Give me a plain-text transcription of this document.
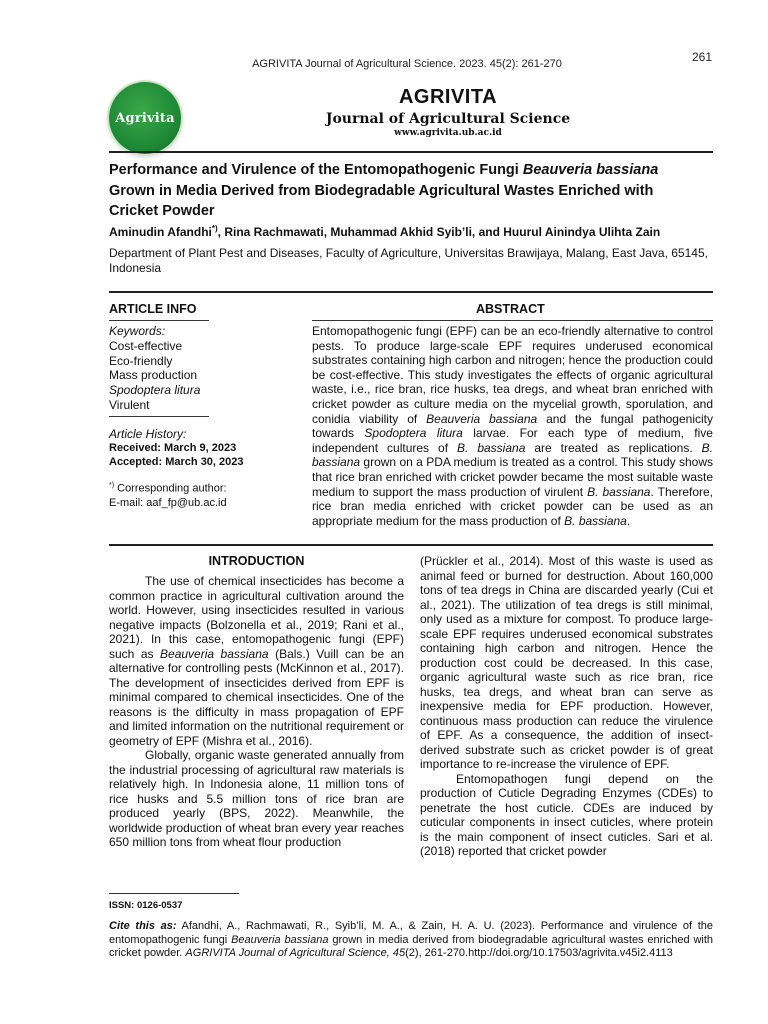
AGRIVITA Journal of Agricultural Science. 2023. 45(2): 261-270	261
Agrivita
AGRIVITA
Journal of Agricultural Science
www.agrivita.ub.ac.id
Performance and Virulence of the Entomopathogenic Fungi Beauveria bassiana Grown in Media Derived from Biodegradable Agricultural Wastes Enriched with Cricket Powder
Aminudin Afandhi*), Rina Rachmawati, Muhammad Akhid Syib’li, and Huurul Ainindya Ulihta Zain
Department of Plant Pest and Diseases, Faculty of Agriculture, Universitas Brawijaya, Malang, East Java, 65145, Indonesia
ARTICLE INFO
Keywords:
Cost-effective
Eco-friendly
Mass production
Spodoptera litura
Virulent
Article History:
Received: March 9, 2023
Accepted: March 30, 2023
*) Corresponding author:
E-mail: aaf_fp@ub.ac.id
ABSTRACT
Entomopathogenic fungi (EPF) can be an eco-friendly alternative to control pests. To produce large-scale EPF requires underused economical substrates containing high carbon and nitrogen; hence the production could be cost-effective. This study investigates the effects of organic agricultural waste, i.e., rice bran, rice husks, tea dregs, and wheat bran enriched with cricket powder as culture media on the mycelial growth, sporulation, and conidia viability of Beauveria bassiana and the fungal pathogenicity towards Spodoptera litura larvae. For each type of medium, five independent cultures of B. bassiana are treated as replications. B. bassiana grown on a PDA medium is treated as a control. This study shows that rice bran enriched with cricket powder became the most suitable waste medium to support the mass production of virulent B. bassiana. Therefore, rice bran media enriched with cricket powder can be used as an appropriate medium for the mass production of B. bassiana.
INTRODUCTION

The use of chemical insecticides has become a common practice in agricultural cultivation around the world. However, using insecticides resulted in various negative impacts (Bolzonella et al., 2019; Rani et al., 2021). In this case, entomopathogenic fungi (EPF) such as Beauveria bassiana (Bals.) Vuill can be an alternative for controlling pests (McKinnon et al., 2017). The development of insecticides derived from EPF is minimal compared to chemical insecticides. One of the reasons is the difficulty in mass propagation of EPF and limited information on the nutritional requirement or geometry of EPF (Mishra et al., 2016).

Globally, organic waste generated annually from the industrial processing of agricultural raw materials is relatively high. In Indonesia alone, 11 million tons of rice husks and 5.5 million tons of rice bran are produced yearly (BPS, 2022). Meanwhile, the worldwide production of wheat bran every year reaches 650 million tons from wheat flour production

(Prückler et al., 2014). Most of this waste is used as animal feed or burned for destruction. About 160,000 tons of tea dregs in China are discarded yearly (Cui et al., 2021). The utilization of tea dregs is still minimal, only used as a mixture for compost. To produce large-scale EPF requires underused economical substrates containing high carbon and nitrogen. Hence the production cost could be decreased. In this case, organic agricultural waste such as rice bran, rice husks, tea dregs, and wheat bran can serve as inexpensive media for EPF production. However, continuous mass production can reduce the virulence of EPF. As a consequence, the addition of insect-derived substrate such as cricket powder is of great importance to re-increase the virulence of EPF.

Entomopathogen fungi depend on the production of Cuticle Degrading Enzymes (CDEs) to penetrate the host cuticle. CDEs are induced by cuticular components in insect cuticles, where protein is the main component of insect cuticles. Sari et al. (2018) reported that cricket powder

ISSN: 0126-0537
Cite this as: Afandhi, A., Rachmawati, R., Syib’li, M. A., & Zain, H. A. U. (2023). Performance and virulence of the entomopathogenic fungi Beauveria bassiana grown in media derived from biodegradable agricultural wastes enriched with cricket powder. AGRIVITA Journal of Agricultural Science, 45(2), 261-270.http://doi.org/10.17503/agrivita.v45i2.4113
